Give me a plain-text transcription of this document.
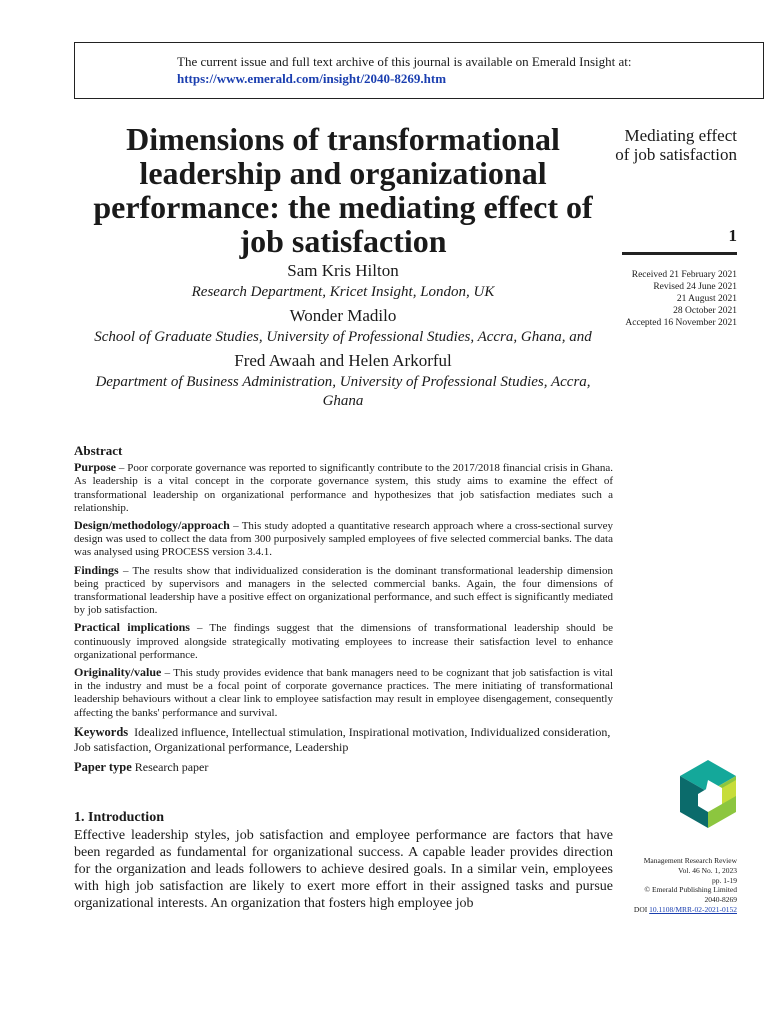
The current issue and full text archive of this journal is available on Emerald Insight at:
https://www.emerald.com/insight/2040-8269.htm
Dimensions of transformational leadership and organizational performance: the mediating effect of job satisfaction
Sam Kris Hilton
Research Department, Kricet Insight, London, UK
Wonder Madilo
School of Graduate Studies, University of Professional Studies, Accra, Ghana, and
Fred Awaah and Helen Arkorful
Department of Business Administration, University of Professional Studies, Accra, Ghana
Mediating effect of job satisfaction
1
Received 21 February 2021
Revised 24 June 2021
21 August 2021
28 October 2021
Accepted 16 November 2021
Abstract
Purpose – Poor corporate governance was reported to significantly contribute to the 2017/2018 financial crisis in Ghana. As leadership is a vital concept in the corporate governance system, this study aims to examine the effect of transformational leadership on organizational performance and hypothesizes that job satisfaction mediates such a relationship.
Design/methodology/approach – This study adopted a quantitative research approach where a cross-sectional survey design was used to collect the data from 300 purposively sampled employees of five selected commercial banks. The data was analysed using PROCESS version 3.4.1.
Findings – The results show that individualized consideration is the dominant transformational leadership dimension being practiced by supervisors and managers in the selected commercial banks. Again, the four dimensions of transformational leadership have a positive effect on organizational performance, and such effect is significantly mediated by job satisfaction.
Practical implications – The findings suggest that the dimensions of transformational leadership should be continuously improved alongside strategically motivating employees to increase their satisfaction level to enhance organizational performance.
Originality/value – This study provides evidence that bank managers need to be cognizant that job satisfaction is vital in the industry and must be a focal point of corporate governance practices. The mere initiating of transformational leadership behaviours without a clear link to employee satisfaction may result in employee disengagement, consequently affecting the banks' performance and survival.
Keywords Idealized influence, Intellectual stimulation, Inspirational motivation, Individualized consideration, Job satisfaction, Organizational performance, Leadership
Paper type Research paper
1. Introduction
Effective leadership styles, job satisfaction and employee performance are factors that have been regarded as fundamental for organizational success. A capable leader provides direction for the organization and leads followers to achieve desired goals. In a similar vein, employees with high job satisfaction are likely to exert more effort in their assigned tasks and pursue organizational interests. An organization that fosters high employee job
Management Research Review
Vol. 46 No. 1, 2023
pp. 1-19
© Emerald Publishing Limited
2040-8269
DOI 10.1108/MRR-02-2021-0152
